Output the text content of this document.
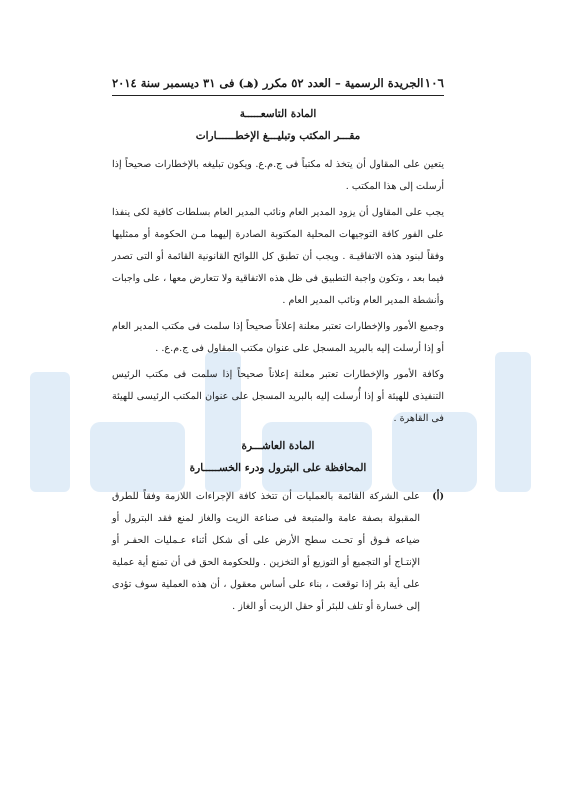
١٠٦
الجريدة الرسمية – العدد ٥٢ مكرر (هـ) فى ٣١ ديسمبر سنة ٢٠١٤
المادة التاسعـــــة
مقـــر المكتب وتبليـــغ الإخطــــــارات

يتعين على المقاول أن يتخذ له مكتباً فى ج.م.ع. ويكون تبليغه بالإخطارات صحيحاً إذا أرسلت إلى هذا المكتب .

يجب على المقاول أن يزود المدير العام ونائب المدير العام بسلطات كافية لكى ينفذا على الفور كافة التوجيهات المحلية المكتوبة الصادرة إليهما مـن الحكومة أو ممثليها وفقاً لبنود هذه الاتفاقيـة . ويجب أن تطبق كل اللوائح القانونية القائمة أو التى تصدر فيما بعد ، وتكون واجبة التطبيق فى ظل هذه الاتفاقية ولا تتعارض معها ، على واجبات وأنشطة المدير العام ونائب المدير العام .

وجميع الأمور والإخطارات تعتبر معلنة إعلاناً صحيحاً إذا سلمت فى مكتب المدير العام أو إذا أرسلت إليه بالبريد المسجل على عنوان مكتب المقاول فى ج.م.ع. .

وكافة الأمور والإخطارات تعتبر معلنة إعلاناً صحيحاً إذا سلمت فى مكتب الرئيس التنفيذى للهيئة أو إذا أُرسلت إليه بالبريد المسجل على عنوان المكتب الرئيسى للهيئة فى القاهرة .

المادة العاشـــرة
المحافظة على البترول ودرء الخســـــارة
(أ)
على الشركة القائمة بالعمليات أن تتخذ كافة الإجراءات اللازمة وفقاً للطرق المقبولة بصفة عامة والمتبعة فى صناعة الزيت والغاز لمنع فقد البترول أو ضياعه فـوق أو تحـت سطح الأرض على أى شكل أثناء عـمليات الحفـر أو الإنتـاج أو التجميع أو التوزيع أو التخزين . وللحكومة الحق فى أن تمنع أية عملية على أية بئر إذا توقعت ، بناء على أساس معقول ، أن هذه العملية سوف تؤدى إلى خسارة أو تلف للبئر أو حقل الزيت أو الغاز .
